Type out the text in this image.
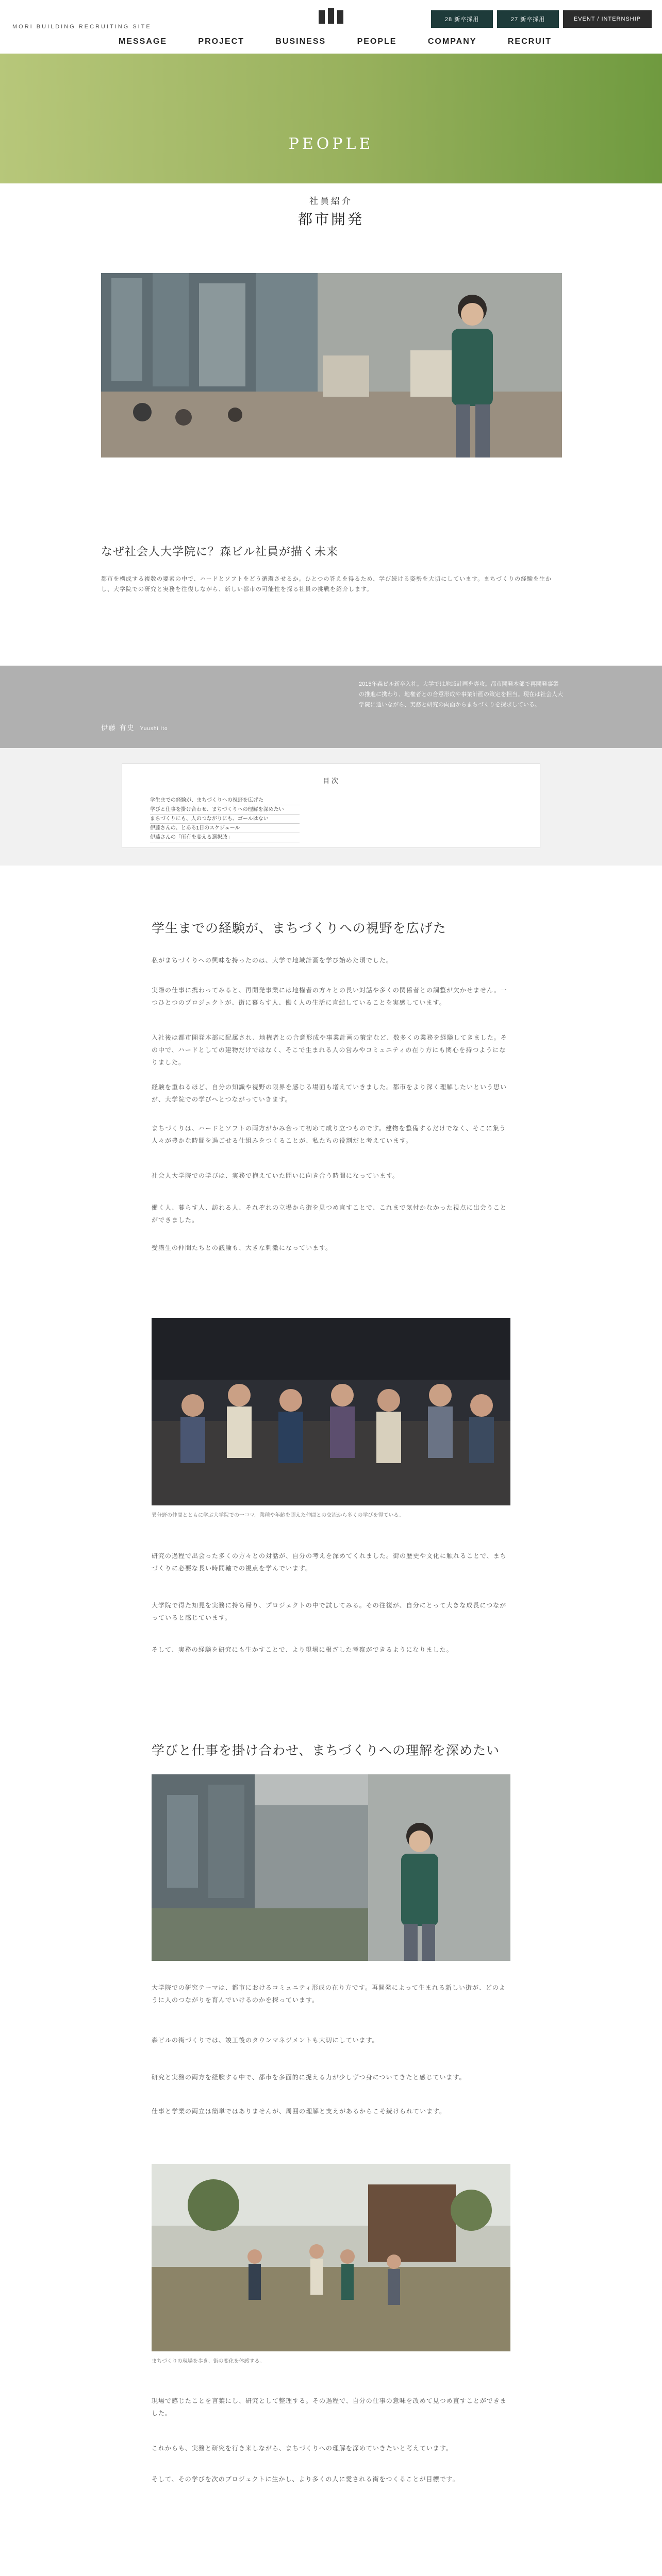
MORI BUILDING RECRUITING SITE
28 新卒採用	27 新卒採用	EVENT / INTERNSHIP
MESSAGE	PROJECT	BUSINESS	PEOPLE	COMPANY	RECRUIT
PEOPLE
社員紹介
都市開発
なぜ社会人大学院に？森ビル社員が描く未来
都市を構成する複数の要素の中で、ハードとソフトをどう循環させるか。ひとつの答えを得るため、学び続ける姿勢を大切にしています。まちづくりの経験を生かし、大学院での研究と実務を往復しながら、新しい都市の可能性を探る社員の挑戦を紹介します。
伊藤 有史 Yuushi Ito
2015年森ビル新卒入社。大学では地域計画を専攻。都市開発本部で再開発事業の推進に携わり、地権者との合意形成や事業計画の策定を担当。現在は社会人大学院に通いながら、実務と研究の両面からまちづくりを探求している。
目次
学生までの経験が、まちづくりへの視野を広げた
学びと仕事を掛け合わせ、まちづくりへの理解を深めたい
まちづくりにも、人のつながりにも、ゴールはない
伊藤さんの、とある1日のスケジュール
伊藤さんの「所有を変える選択肢」
学生までの経験が、まちづくりへの視野を広げた
私がまちづくりへの興味を持ったのは、大学で地域計画を学び始めた頃でした。
実際の仕事に携わってみると、再開発事業には地権者の方々との長い対話や多くの関係者との調整が欠かせません。一つひとつのプロジェクトが、街に暮らす人、働く人の生活に直結していることを実感しています。
入社後は都市開発本部に配属され、地権者との合意形成や事業計画の策定など、数多くの業務を経験してきました。その中で、ハードとしての建物だけではなく、そこで生まれる人の営みやコミュニティの在り方にも関心を持つようになりました。
経験を重ねるほど、自分の知識や視野の限界を感じる場面も増えていきました。都市をより深く理解したいという思いが、大学院での学びへとつながっていきます。
まちづくりは、ハードとソフトの両方がかみ合って初めて成り立つものです。建物を整備するだけでなく、そこに集う人々が豊かな時間を過ごせる仕組みをつくることが、私たちの役割だと考えています。
社会人大学院での学びは、実務で抱えていた問いに向き合う時間になっています。
働く人、暮らす人、訪れる人、それぞれの立場から街を見つめ直すことで、これまで気付かなかった視点に出会うことができました。
受講生の仲間たちとの議論も、大きな刺激になっています。
異分野の仲間とともに学ぶ大学院での一コマ。業種や年齢を超えた仲間との交流から多くの学びを得ている。
研究の過程で出会った多くの方々との対話が、自分の考えを深めてくれました。街の歴史や文化に触れることで、まちづくりに必要な長い時間軸での視点を学んでいます。
大学院で得た知見を実務に持ち帰り、プロジェクトの中で試してみる。その往復が、自分にとって大きな成長につながっていると感じています。
そして、実務の経験を研究にも生かすことで、より現場に根ざした考察ができるようになりました。
学びと仕事を掛け合わせ、まちづくりへの理解を深めたい
大学院での研究テーマは、都市におけるコミュニティ形成の在り方です。再開発によって生まれる新しい街が、どのように人のつながりを育んでいけるのかを探っています。
森ビルの街づくりでは、竣工後のタウンマネジメントも大切にしています。
研究と実務の両方を経験する中で、都市を多面的に捉える力が少しずつ身についてきたと感じています。
仕事と学業の両立は簡単ではありませんが、周囲の理解と支えがあるからこそ続けられています。
まちづくりの現場を歩き、街の変化を体感する。
現場で感じたことを言葉にし、研究として整理する。その過程で、自分の仕事の意味を改めて見つめ直すことができました。
これからも、実務と研究を行き来しながら、まちづくりへの理解を深めていきたいと考えています。
そして、その学びを次のプロジェクトに生かし、より多くの人に愛される街をつくることが目標です。
